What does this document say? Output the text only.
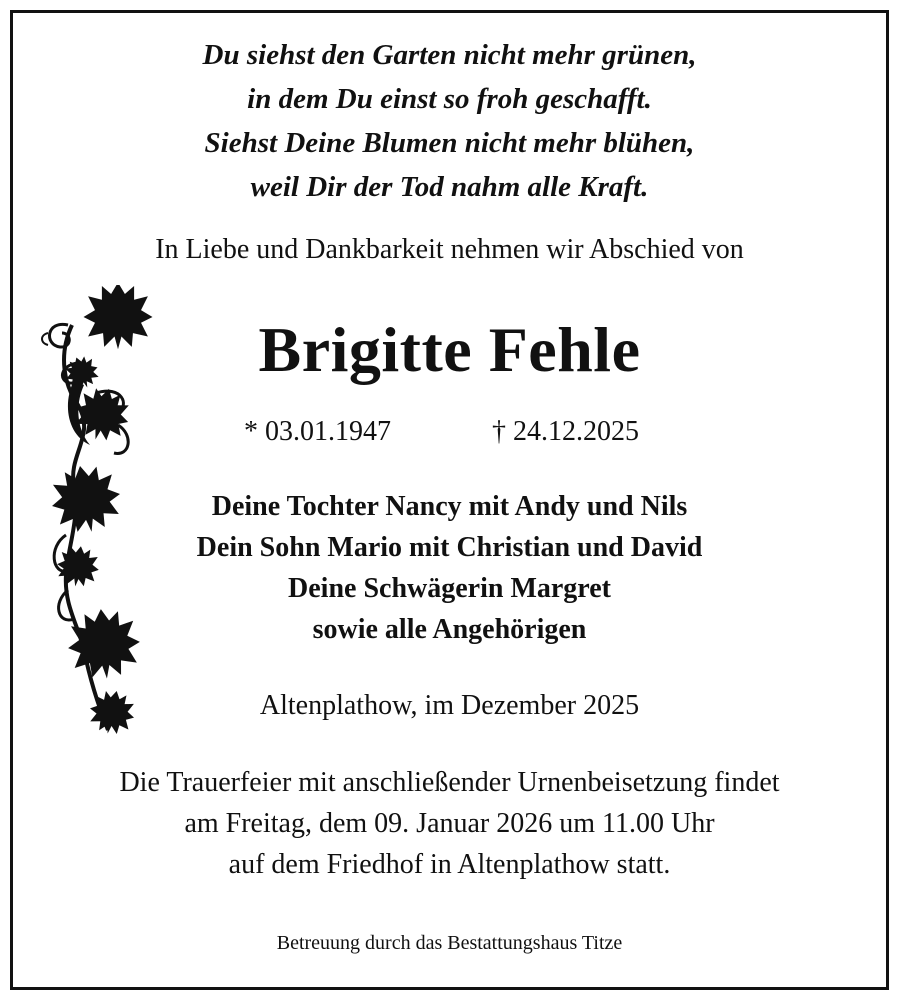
Du siehst den Garten nicht mehr grünen,
in dem Du einst so froh geschafft.
Siehst Deine Blumen nicht mehr blühen,
weil Dir der Tod nahm alle Kraft.
In Liebe und Dankbarkeit nehmen wir Abschied von
Brigitte Fehle
* 03.01.1947	† 24.12.2025
Deine Tochter Nancy mit Andy und Nils
Dein Sohn Mario mit Christian und David
Deine Schwägerin Margret
sowie alle Angehörigen
Altenplathow, im Dezember 2025
Die Trauerfeier mit anschließender Urnenbeisetzung findet
am Freitag, dem 09. Januar 2026 um 11.00 Uhr
auf dem Friedhof in Altenplathow statt.
Betreuung durch das Bestattungshaus Titze
